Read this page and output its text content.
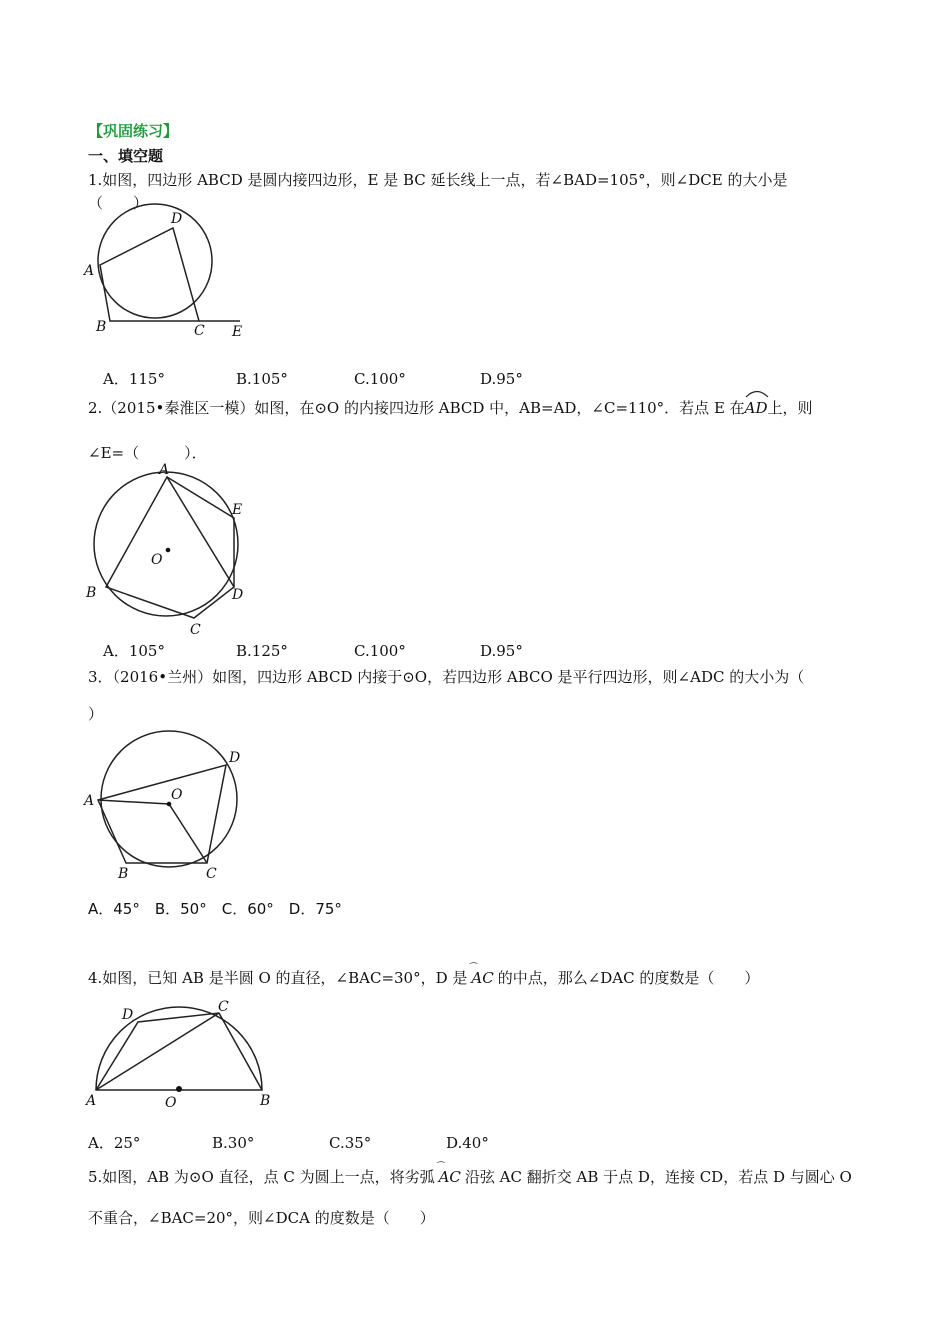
【巩固练习】
一、填空题
1.如图，四边形 ABCD 是圆内接四边形，E 是 BC 延长线上一点，若∠BAD=105°，则∠DCE 的大小是
（　　）
A
B	C
D
E
A．115°	B.105°	C.100°	D.95°
2.（2015•秦淮区一模）如图，在⊙O 的内接四边形 ABCD 中，AB=AD，∠C=110°．若点 E 在
AD上，则
∠E=（　　　）．
A
B
C
D
E
O
A．105°	B.125°	C.100°	D.95°
3．（2016•兰州）如图，四边形 ABCD 内接于⊙O，若四边形 ABCO 是平行四边形，则∠ADC 的大小为（
）
A
B	C
D
O
A．45°　B．50°　C．60°　D．75°
4.如图，已知 AB 是半圆 O 的直径，∠BAC=30°，D 是
⌒
AC 的中点，那么∠DAC 的度数是（　　）
A	B
C
D
O
A．25°	B.30°	C.35°	D.40°
5.如图，AB 为⊙O 直径，点 C 为圆上一点，将劣弧
⌒
AC 沿弦 AC 翻折交 AB 于点 D，连接 CD，若点 D 与圆心 O
不重合，∠BAC=20°，则∠DCA 的度数是（　　）
